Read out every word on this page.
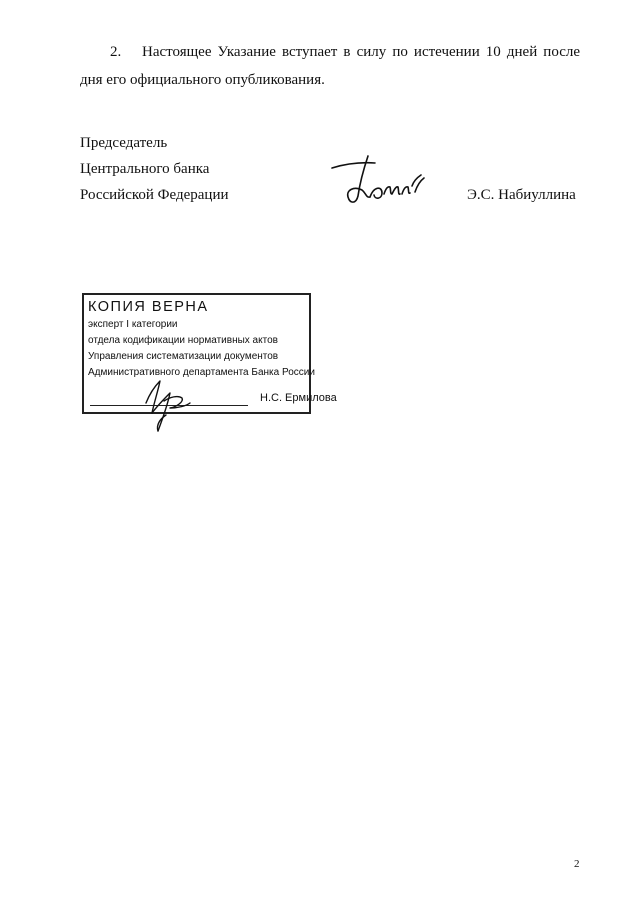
2. Настоящее Указание вступает в силу по истечении 10 дней после дня его официального опубликования.
Председатель
Центрального банка
Российской Федерации	Э.С. Набиуллина
КОПИЯ ВЕРНА
эксперт I категории
отдела кодификации нормативных актов
Управления систематизации документов
Административного департамента Банка России
Н.С. Ермилова
2
